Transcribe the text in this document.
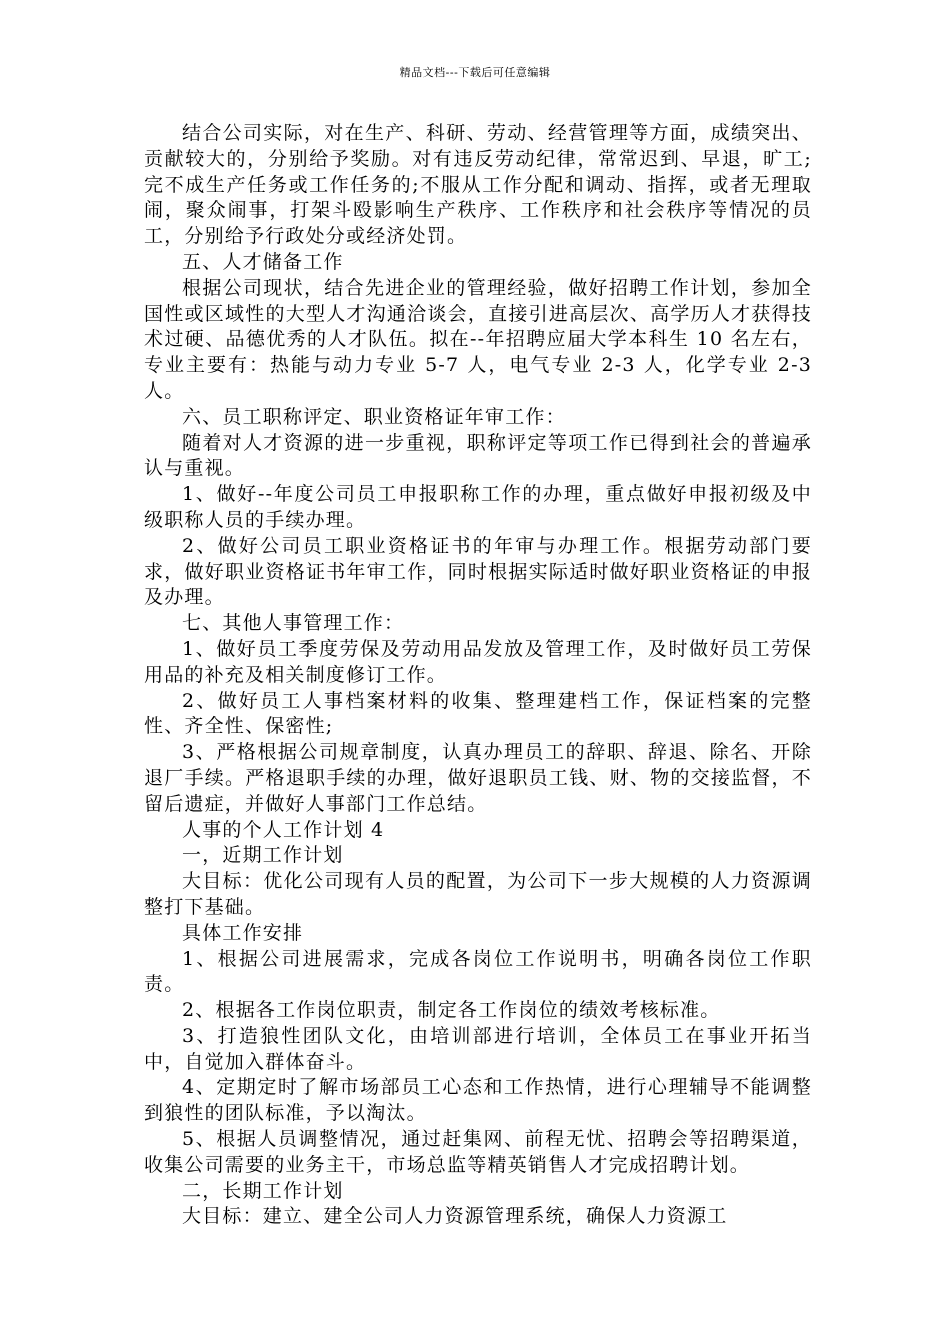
精品文档---下载后可任意编辑

结合公司实际，对在生产、科研、劳动、经营管理等方面，成绩突出、贡献较大的，分别给予奖励。对有违反劳动纪律，常常迟到、早退，旷工;完不成生产任务或工作任务的;不服从工作分配和调动、指挥，或者无理取闹，聚众闹事，打架斗殴影响生产秩序、工作秩序和社会秩序等情况的员工，分别给予行政处分或经济处罚。

五、人才储备工作

根据公司现状，结合先进企业的管理经验，做好招聘工作计划，参加全国性或区域性的大型人才沟通洽谈会，直接引进高层次、高学历人才获得技术过硬、品德优秀的人才队伍。拟在--年招聘应届大学本科生 10 名左右，专业主要有：热能与动力专业 5-7 人，电气专业 2-3 人，化学专业 2-3 人。

六、员工职称评定、职业资格证年审工作：

随着对人才资源的进一步重视，职称评定等项工作已得到社会的普遍承认与重视。

1、做好--年度公司员工申报职称工作的办理，重点做好申报初级及中级职称人员的手续办理。

2、做好公司员工职业资格证书的年审与办理工作。根据劳动部门要求，做好职业资格证书年审工作，同时根据实际适时做好职业资格证的申报及办理。

七、其他人事管理工作：

1、做好员工季度劳保及劳动用品发放及管理工作，及时做好员工劳保用品的补充及相关制度修订工作。

2、做好员工人事档案材料的收集、整理建档工作，保证档案的完整性、齐全性、保密性;

3、严格根据公司规章制度，认真办理员工的辞职、辞退、除名、开除退厂手续。严格退职手续的办理，做好退职员工钱、财、物的交接监督，不留后遗症，并做好人事部门工作总结。

人事的个人工作计划 4

一，近期工作计划

大目标：优化公司现有人员的配置，为公司下一步大规模的人力资源调整打下基础。

具体工作安排

1、根据公司进展需求，完成各岗位工作说明书，明确各岗位工作职责。

2、根据各工作岗位职责，制定各工作岗位的绩效考核标准。

3、打造狼性团队文化，由培训部进行培训，全体员工在事业开拓当中，自觉加入群体奋斗。

4、定期定时了解市场部员工心态和工作热情，进行心理辅导不能调整到狼性的团队标准，予以淘汰。

5、根据人员调整情况，通过赶集网、前程无忧、招聘会等招聘渠道，收集公司需要的业务主干，市场总监等精英销售人才完成招聘计划。

二，长期工作计划

大目标：建立、建全公司人力资源管理系统，确保人力资源工
